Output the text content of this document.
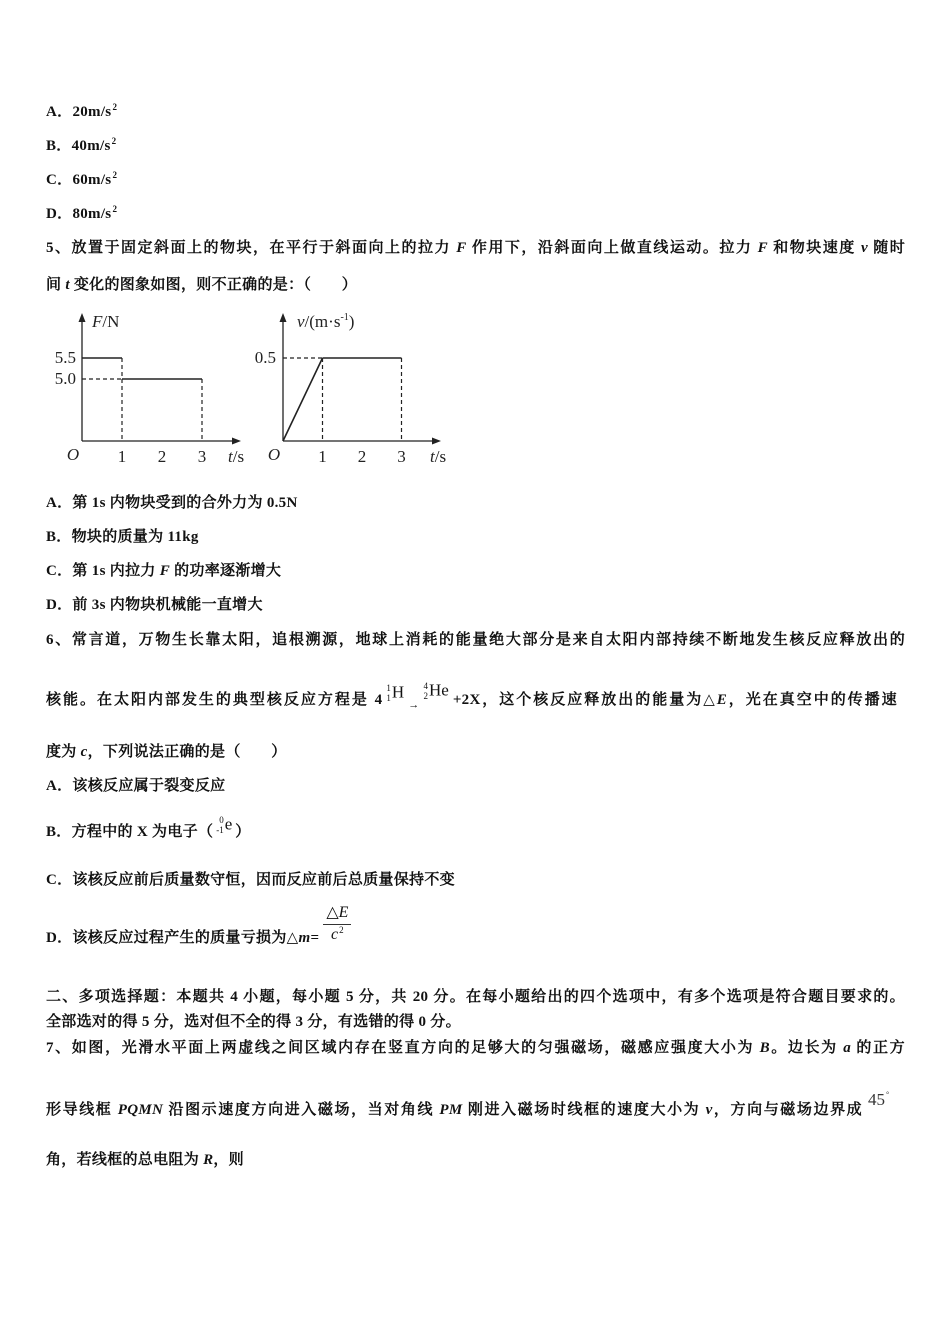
A．$20m/s^2$
B．$40m/s^2$
C．$60m/s^2$
D．$80m/s^2$
5、放置于固定斜面上的物块，在平行于斜面向上的拉力 F 作用下，沿斜面向上做直线运动。拉力 F 和物块速度 v 随时
间 t 变化的图象如图，则不正确的是：（　　）
F/N
t/s
$v/(m\cdot s^{-1})$
t/s
5.5
5.0
1 2 3
O
0.5
1 2 3
O
A．第 1s 内物块受到的合外力为 0.5N
B．物块的质量为 11kg
C．第 1s 内拉力 F 的功率逐渐增大
D．前 3s 内物块机械能一直增大
6、常言道，万物生长靠太阳，追根溯源，地球上消耗的能量绝大部分是来自太阳内部持续不断地发生核反应释放出的
核能。在太阳内部发生的典型核反应方程是 4
1
1 H→
4
2 He+2X，这个核反应释放出的能量为△E，光在真空中的传播速
度为 c，下列说法正确的是（　　）
A．该核反应属于裂变反应
B．方程中的 X 为电子（
0
-1 e ）
C．该核反应前后质量数守恒，因而反应前后总质量保持不变
D．该核反应过程产生的质量亏损为△m=
△E
$c^2$
二、多项选择题：本题共 4 小题，每小题 5 分，共 20 分。在每小题给出的四个选项中，有多个选项是符合题目要求的。
全部选对的得 5 分，选对但不全的得 3 分，有选错的得 0 分。
7、如图，光滑水平面上两虚线之间区域内存在竖直方向的足够大的匀强磁场，磁感应强度大小为 B。边长为 a 的正方
形导线框 PQMN 沿图示速度方向进入磁场，当对角线 PM 刚进入磁场时线框的速度大小为 v，方向与磁场边界成
45°
角，若线框的总电阻为 R，则
